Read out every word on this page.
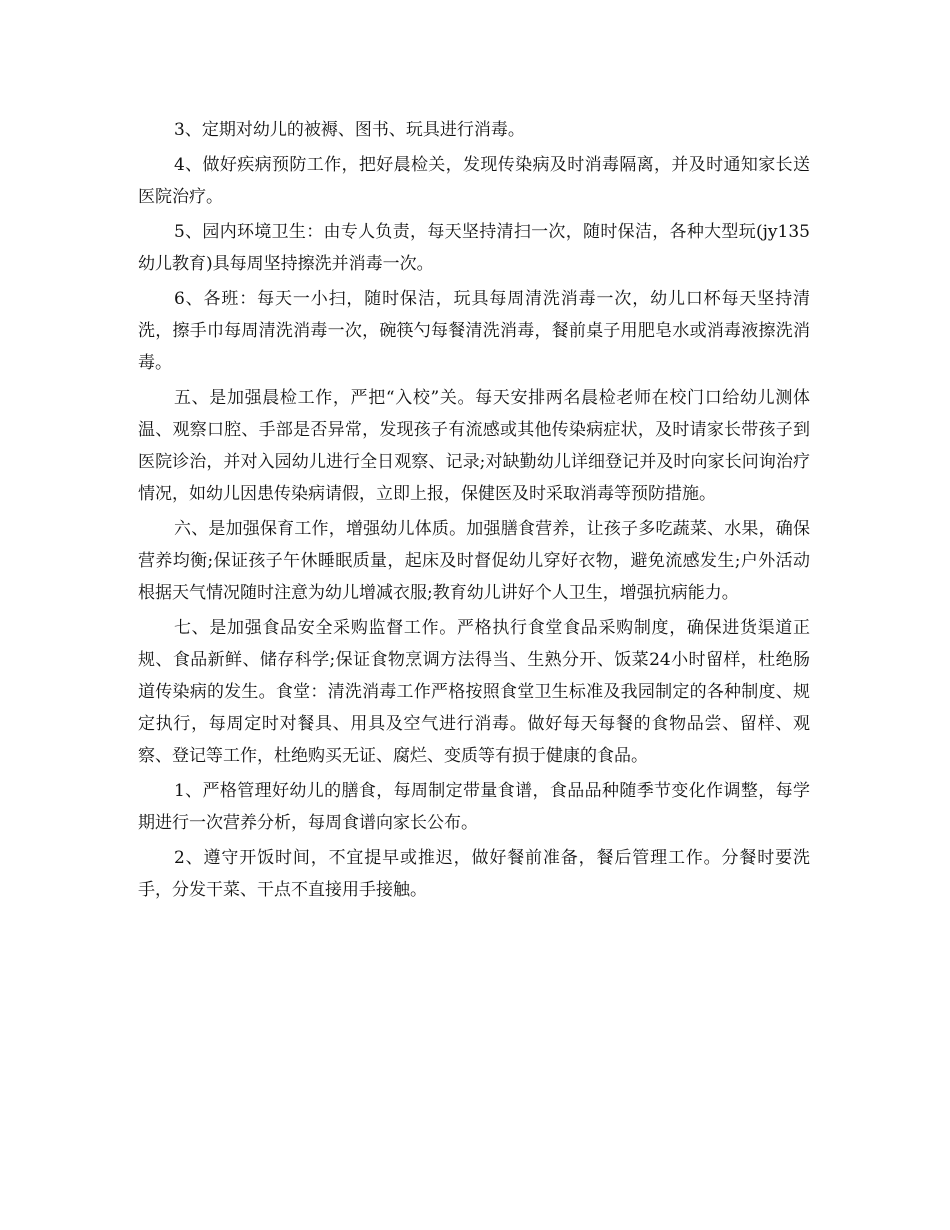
3、定期对幼儿的被褥、图书、玩具进行消毒。

4、做好疾病预防工作，把好晨检关，发现传染病及时消毒隔离，并及时通知家长送医院治疗。

5、园内环境卫生：由专人负责，每天坚持清扫一次，随时保洁，各种大型玩(jy135幼儿教育)具每周坚持擦洗并消毒一次。

6、各班：每天一小扫，随时保洁，玩具每周清洗消毒一次，幼儿口杯每天坚持清洗，擦手巾每周清洗消毒一次，碗筷勺每餐清洗消毒，餐前桌子用肥皂水或消毒液擦洗消毒。

五、是加强晨检工作，严把“入校”关。每天安排两名晨检老师在校门口给幼儿测体温、观察口腔、手部是否异常，发现孩子有流感或其他传染病症状，及时请家长带孩子到医院诊治，并对入园幼儿进行全日观察、记录;对缺勤幼儿详细登记并及时向家长问询治疗情况，如幼儿因患传染病请假，立即上报，保健医及时采取消毒等预防措施。

六、是加强保育工作，增强幼儿体质。加强膳食营养，让孩子多吃蔬菜、水果，确保营养均衡;保证孩子午休睡眠质量，起床及时督促幼儿穿好衣物，避免流感发生;户外活动根据天气情况随时注意为幼儿增减衣服;教育幼儿讲好个人卫生，增强抗病能力。

七、是加强食品安全采购监督工作。严格执行食堂食品采购制度，确保进货渠道正规、食品新鲜、储存科学;保证食物烹调方法得当、生熟分开、饭菜24小时留样，杜绝肠道传染病的发生。食堂：清洗消毒工作严格按照食堂卫生标准及我园制定的各种制度、规定执行，每周定时对餐具、用具及空气进行消毒。做好每天每餐的食物品尝、留样、观察、登记等工作，杜绝购买无证、腐烂、变质等有损于健康的食品。

1、严格管理好幼儿的膳食，每周制定带量食谱，食品品种随季节变化作调整，每学期进行一次营养分析，每周食谱向家长公布。

2、遵守开饭时间，不宜提早或推迟，做好餐前准备，餐后管理工作。分餐时要洗手，分发干菜、干点不直接用手接触。
